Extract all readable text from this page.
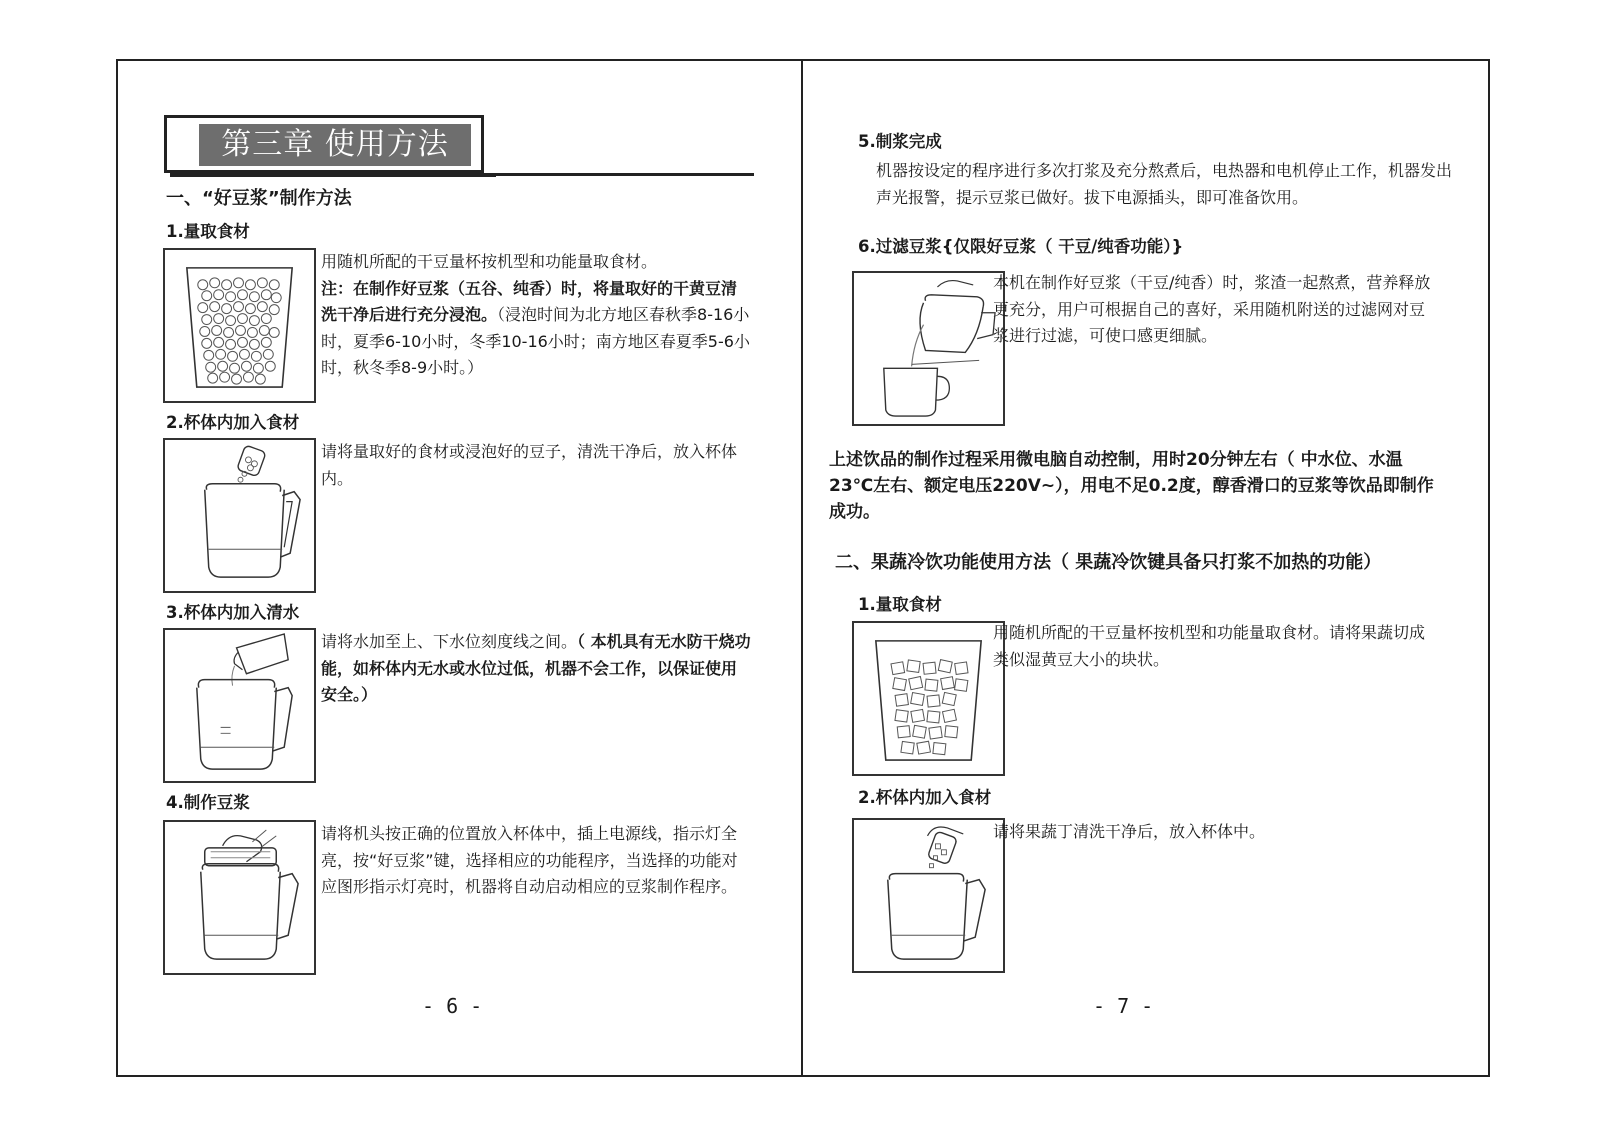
第三章 使用方法
一、“好豆浆”制作方法
1.量取食材
用随机所配的干豆量杯按机型和功能量取食材。
注：在制作好豆浆（五谷、纯香）时，将量取好的干黄豆清洗干净后进行充分浸泡。（浸泡时间为北方地区春秋季8-16小时，夏季6-10小时，冬季10-16小时；南方地区春夏季5-6小时，秋冬季8-9小时。）
2.杯体内加入食材
请将量取好的食材或浸泡好的豆子，清洗干净后，放入杯体内。
3.杯体内加入清水
请将水加至上、下水位刻度线之间。（ 本机具有无水防干烧功能，如杯体内无水或水位过低，机器不会工作，以保证使用安全。）
4.制作豆浆
请将机头按正确的位置放入杯体中，插上电源线，指示灯全亮，按“好豆浆”键，选择相应的功能程序，当选择的功能对应图形指示灯亮时，机器将自动启动相应的豆浆制作程序。
- 6 -
5.制浆完成
机器按设定的程序进行多次打浆及充分熬煮后，电热器和电机停止工作，机器发出声光报警，提示豆浆已做好。拔下电源插头，即可准备饮用。
6.过滤豆浆{仅限好豆浆（ 干豆/纯香功能）}
本机在制作好豆浆（干豆/纯香）时，浆渣一起熬煮，营养释放更充分，用户可根据自己的喜好，采用随机附送的过滤网对豆浆进行过滤，可使口感更细腻。
上述饮品的制作过程采用微电脑自动控制，用时20分钟左右（ 中水位、水温23℃左右、额定电压220V~），用电不足0.2度，醇香滑口的豆浆等饮品即制作成功。
二、果蔬冷饮功能使用方法（ 果蔬冷饮键具备只打浆不加热的功能）
1.量取食材
用随机所配的干豆量杯按机型和功能量取食材。请将果蔬切成类似湿黄豆大小的块状。
2.杯体内加入食材
请将果蔬丁清洗干净后，放入杯体中。
- 7 -
